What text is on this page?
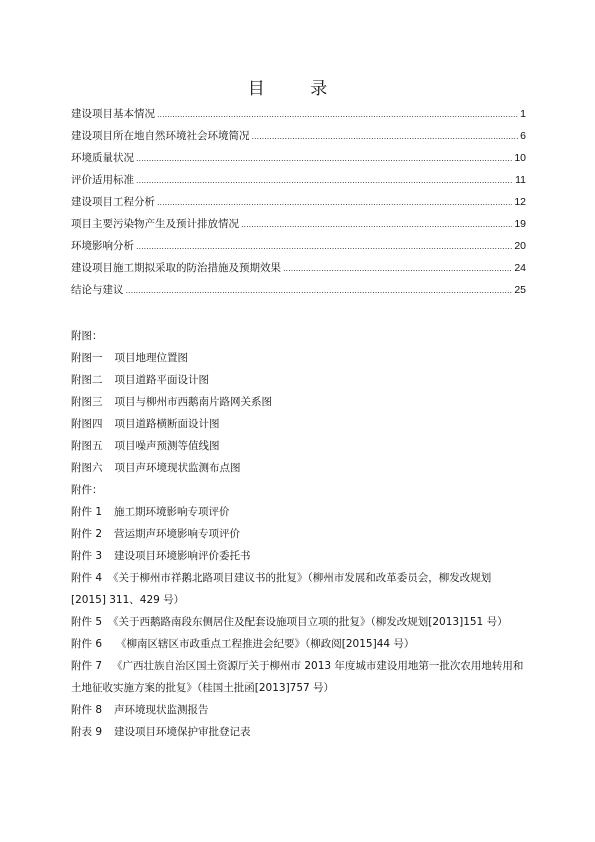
目 录
建设项目基本情况 .....	1
建设项目所在地自然环境社会环境简况 .....	6
环境质量状况 .....	10
评价适用标准 .....	11
建设项目工程分析 .....	12
项目主要污染物产生及预计排放情况 .....	19
环境影响分析 .....	20
建设项目施工期拟采取的防治措施及预期效果 .....	24
结论与建议 .....	25
附图：
附图一 项目地理位置图
附图二 项目道路平面设计图
附图三 项目与柳州市西鹅南片路网关系图
附图四 项目道路横断面设计图
附图五 项目噪声预测等值线图
附图六 项目声环境现状监测布点图
附件：
附件 1 施工期环境影响专项评价
附件 2 营运期声环境影响专项评价
附件 3 建设项目环境影响评价委托书
附件 4 《关于柳州市祥鹅北路项目建议书的批复》（柳州市发展和改革委员会，柳发改规划[2015] 311、429 号）
附件 5 《关于西鹅路南段东侧居住及配套设施项目立项的批复》（柳发改规划[2013]151 号）
附件 6 《柳南区辖区市政重点工程推进会纪要》（柳政阅[2015]44 号）
附件 7 《广西壮族自治区国土资源厅关于柳州市 2013 年度城市建设用地第一批次农用地转用和土地征收实施方案的批复》（桂国土批函[2013]757 号）
附件 8 声环境现状监测报告
附表 9 建设项目环境保护审批登记表
